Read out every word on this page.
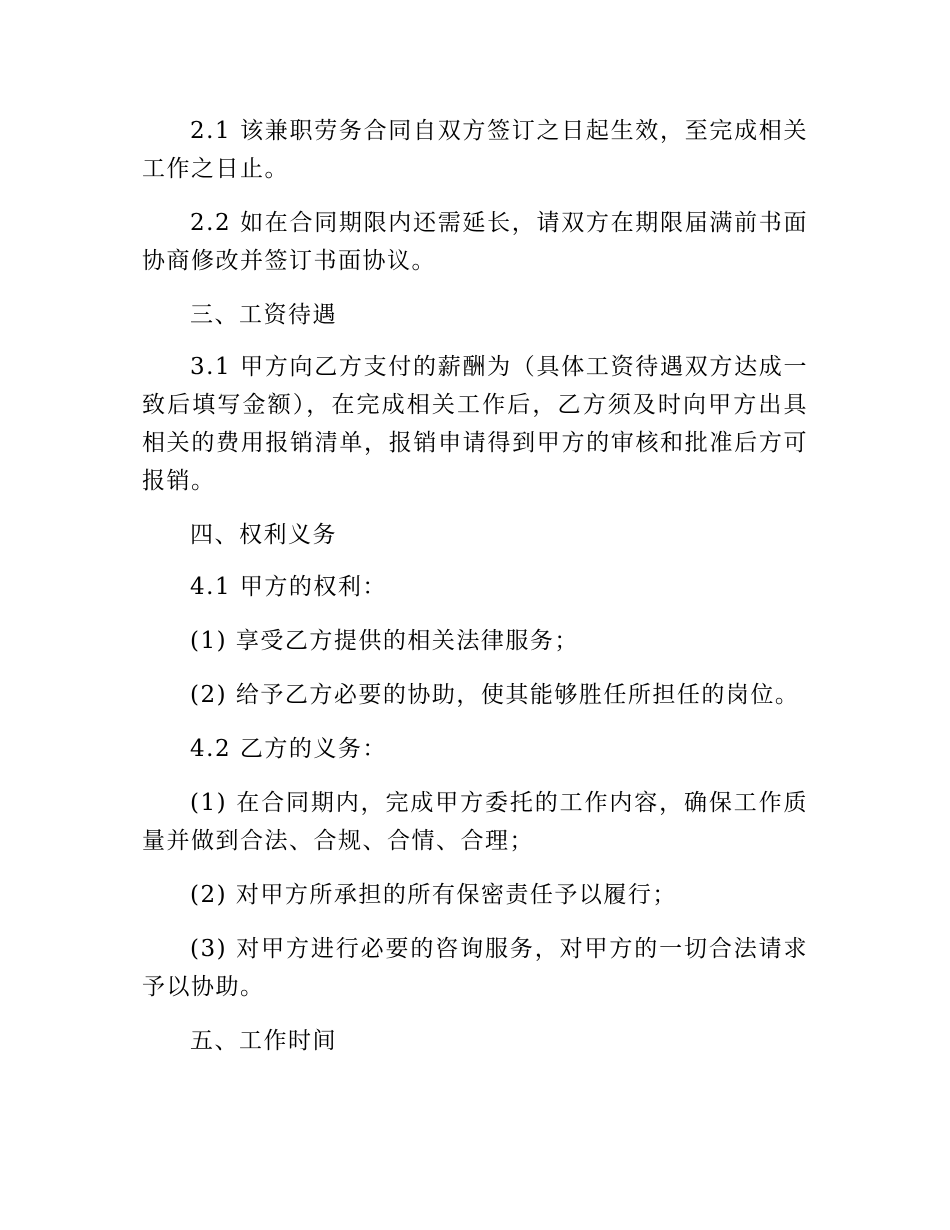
2.1 该兼职劳务合同自双方签订之日起生效，至完成相关工作之日止。

2.2 如在合同期限内还需延长，请双方在期限届满前书面协商修改并签订书面协议。

三、工资待遇

3.1 甲方向乙方支付的薪酬为（具体工资待遇双方达成一致后填写金额），在完成相关工作后，乙方须及时向甲方出具相关的费用报销清单，报销申请得到甲方的审核和批准后方可报销。

四、权利义务

4.1 甲方的权利：

(1) 享受乙方提供的相关法律服务；

(2) 给予乙方必要的协助，使其能够胜任所担任的岗位。

4.2 乙方的义务：

(1) 在合同期内，完成甲方委托的工作内容，确保工作质量并做到合法、合规、合情、合理；

(2) 对甲方所承担的所有保密责任予以履行；

(3) 对甲方进行必要的咨询服务，对甲方的一切合法请求予以协助。

五、工作时间
